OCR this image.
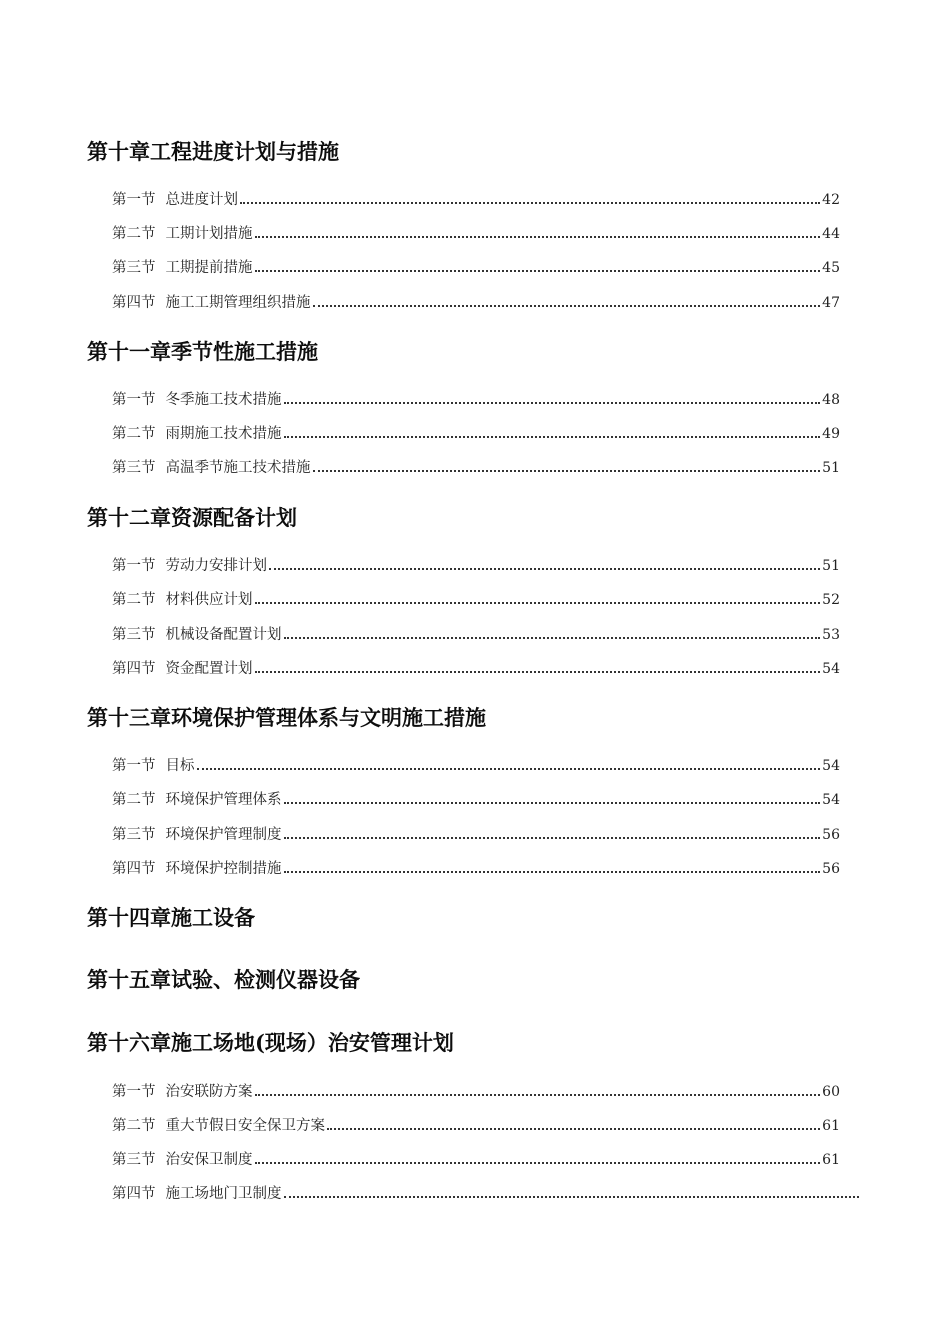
第十章工程进度计划与措施
第一节 总进度计划	42
第二节 工期计划措施	44
第三节 工期提前措施	45
第四节 施工工期管理组织措施	47
第十一章季节性施工措施
第一节 冬季施工技术措施	48
第二节 雨期施工技术措施	49
第三节 高温季节施工技术措施	51
第十二章资源配备计划
第一节 劳动力安排计划	51
第二节 材料供应计划	52
第三节 机械设备配置计划	53
第四节 资金配置计划	54
第十三章环境保护管理体系与文明施工措施
第一节 目标	54
第二节 环境保护管理体系	54
第三节 环境保护管理制度	56
第四节 环境保护控制措施	56
第十四章施工设备
第十五章试验、检测仪器设备
第十六章施工场地(现场）治安管理计划
第一节 治安联防方案	60
第二节 重大节假日安全保卫方案	61
第三节 治安保卫制度	61
第四节 施工场地门卫制度
